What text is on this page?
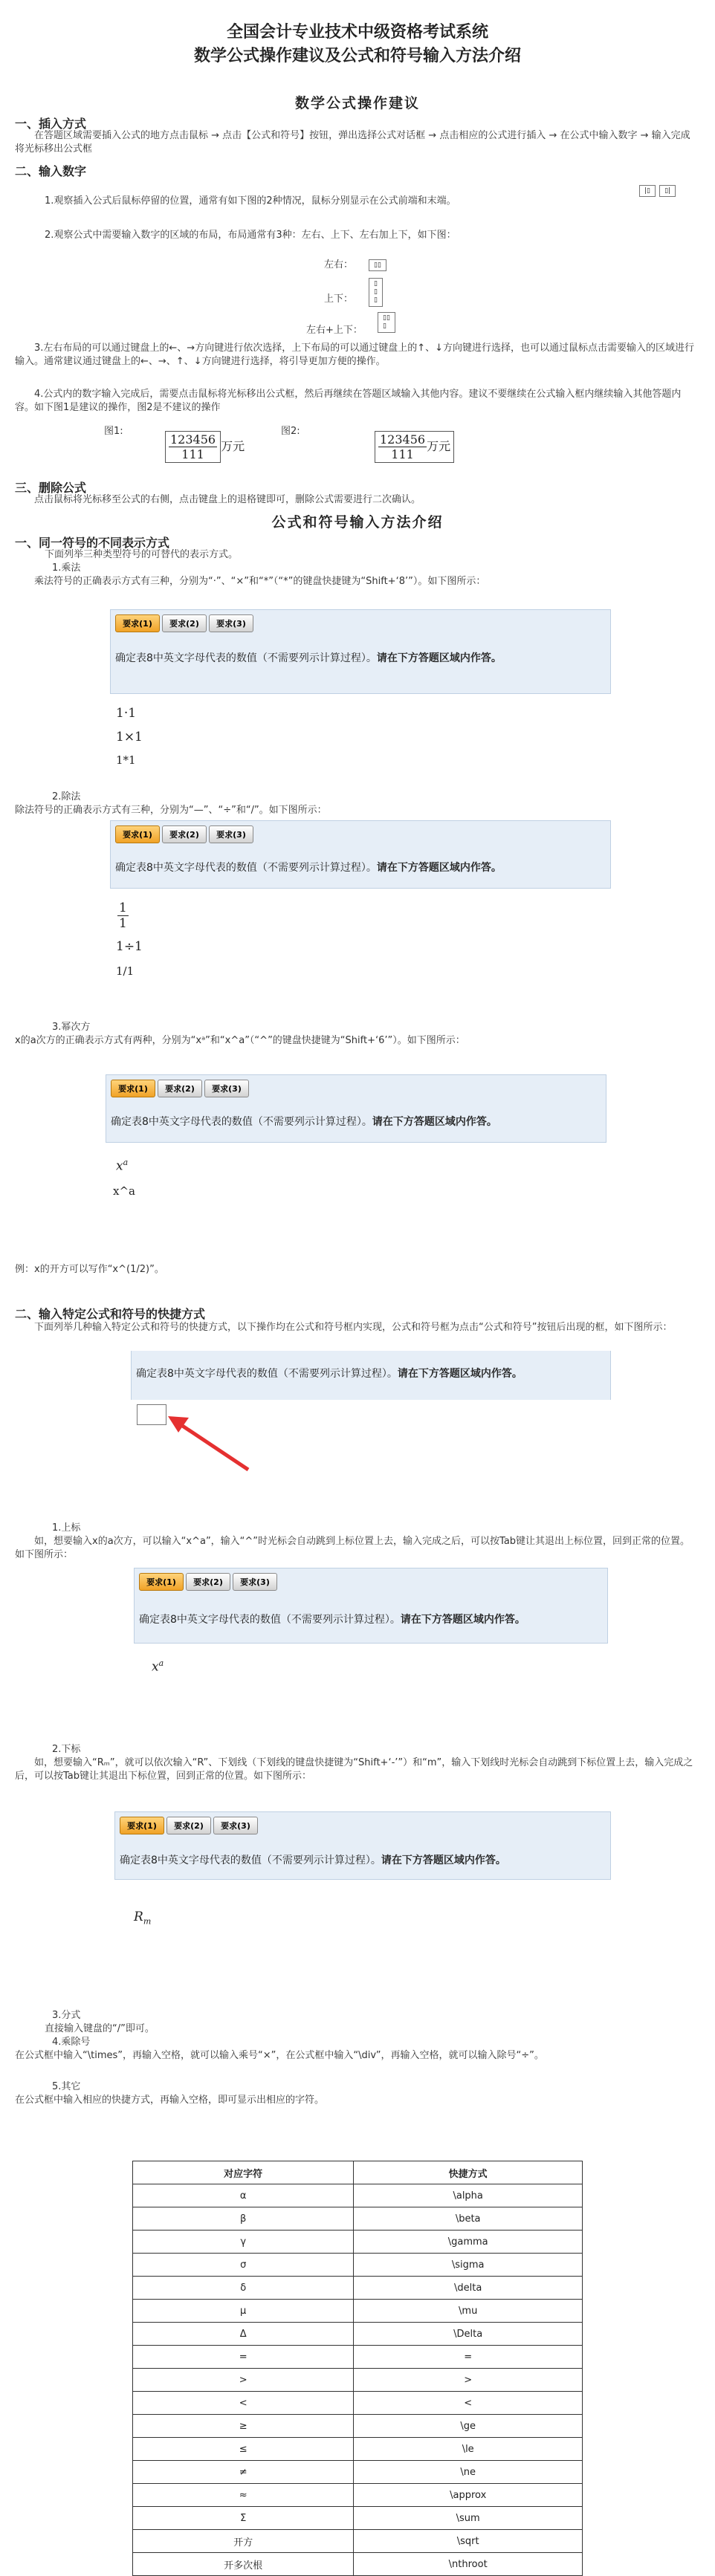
全国会计专业技术中级资格考试系统
数学公式操作建议及公式和符号输入方法介绍
数学公式操作建议
一、插入方式
在答题区域需要插入公式的地方点击鼠标 → 点击【公式和符号】按钮，弹出选择公式对话框 → 点击相应的公式进行插入 → 在公式中输入数字 → 输入完成将光标移出公式框
二、输入数字
1.观察插入公式后鼠标停留的位置，通常有如下图的2种情况，鼠标分别显示在公式前端和末端。
|▯ ▯|
2.观察公式中需要输入数字的区域的布局，布局通常有3种：左右、上下、左右加上下，如下图：
左右：	▯▯
上下：
▯
▯
▯
左右+上下：
▯▯
▯
3.左右布局的可以通过键盘上的←、→方向键进行依次选择，上下布局的可以通过键盘上的↑、↓方向键进行选择，也可以通过鼠标点击需要输入的区域进行输入。通常建议通过键盘上的←、→、↑、↓方向键进行选择，将引导更加方便的操作。
4.公式内的数字输入完成后，需要点击鼠标将光标移出公式框，然后再继续在答题区域输入其他内容。建议不要继续在公式输入框内继续输入其他答题内容。如下图1是建议的操作，图2是不建议的操作
图1:	$\frac{123456}{111}$ 万元
图2:
$\frac{123456}{111}$ 万元
三、删除公式
点击鼠标将光标移至公式的右侧，点击键盘上的退格键即可，删除公式需要进行二次确认。
公式和符号输入方法介绍
一、同一符号的不同表示方式
下面列举三种类型符号的可替代的表示方式。
1.乘法
乘法符号的正确表示方式有三种，分别为“·”、“×”和“*”（“*”的键盘快捷键为“Shift+‘8’”）。如下图所示：
要求(1)	要求(2)	要求(3)
确定表8中英文字母代表的数值（不需要列示计算过程）。请在下方答题区域内作答。
1·1
1×1
1*1
2.除法
除法符号的正确表示方式有三种，分别为“—”、“÷”和“/”。如下图所示：
要求(1)	要求(2)	要求(3)
确定表8中英文字母代表的数值（不需要列示计算过程）。请在下方答题区域内作答。
$\frac{1}{1}$
1÷1
1/1
3.幂次方
x的a次方的正确表示方式有两种，分别为“xᵃ”和“x^a”（“^”的键盘快捷键为“Shift+‘6’”）。如下图所示：
要求(1)	要求(2)	要求(3)
确定表8中英文字母代表的数值（不需要列示计算过程）。请在下方答题区域内作答。
$x^a$
x^a
例：x的开方可以写作“x^(1/2)”。
二、输入特定公式和符号的快捷方式
下面列举几种输入特定公式和符号的快捷方式，以下操作均在公式和符号框内实现，公式和符号框为点击“公式和符号”按钮后出现的框，如下图所示：
确定表8中英文字母代表的数值（不需要列示计算过程）。请在下方答题区域内作答。
1.上标
如，想要输入x的a次方，可以输入“x^a”，输入“^”时光标会自动跳到上标位置上去，输入完成之后，可以按Tab键让其退出上标位置，回到正常的位置。如下图所示：
要求(1)	要求(2)	要求(3)
确定表8中英文字母代表的数值（不需要列示计算过程）。请在下方答题区域内作答。
$x^a$
2.下标
如，想要输入“Rₘ”，就可以依次输入“R”、下划线（下划线的键盘快捷键为“Shift+‘-’”）和“m”，输入下划线时光标会自动跳到下标位置上去，输入完成之后，可以按Tab键让其退出下标位置，回到正常的位置。如下图所示：
要求(1)	要求(2)	要求(3)
确定表8中英文字母代表的数值（不需要列示计算过程）。请在下方答题区域内作答。
$R_m$
3.分式
直接输入键盘的“/”即可。
4.乘除号
在公式框中输入“\times”，再输入空格，就可以输入乘号“×”，在公式框中输入“\div”，再输入空格，就可以输入除号“÷”。
5.其它
在公式框中输入相应的快捷方式，再输入空格，即可显示出相应的字符。
对应字符	快捷方式
α	\alpha
β	\beta
γ	\gamma
σ	\sigma
δ	\delta
μ	\mu
Δ	\Delta
=	=
>	>
<	<
≥	\ge
≤	\le
≠	\ne
≈	\approx
Σ	\sum
开方	\sqrt
开多次根	\nthroot
